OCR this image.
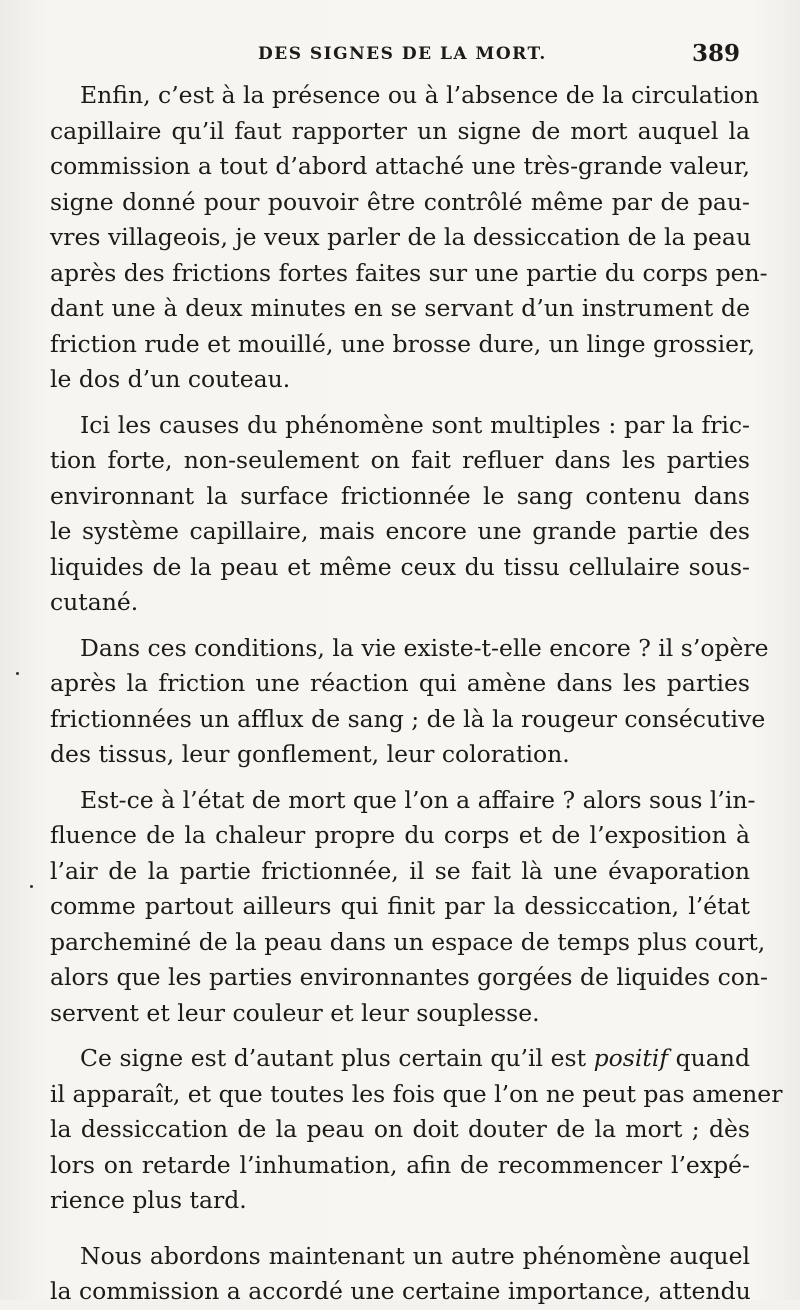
DES SIGNES DE LA MORT.	389
Enfin, c’est à la présence ou à l’absence de la circulation
capillaire qu’il faut rapporter un signe de mort auquel la
commission a tout d’abord attaché une très-grande valeur,
signe donné pour pouvoir être contrôlé même par de pau-
vres villageois, je veux parler de la dessiccation de la peau
après des frictions fortes faites sur une partie du corps pen-
dant une à deux minutes en se servant d’un instrument de
friction rude et mouillé, une brosse dure, un linge grossier,
le dos d’un couteau.
Ici les causes du phénomène sont multiples : par la fric-
tion forte, non-seulement on fait refluer dans les parties
environnant la surface frictionnée le sang contenu dans
le système capillaire, mais encore une grande partie des
liquides de la peau et même ceux du tissu cellulaire sous-
cutané.
Dans ces conditions, la vie existe-t-elle encore ? il s’opère
après la friction une réaction qui amène dans les parties
frictionnées un afflux de sang ; de là la rougeur consécutive
des tissus, leur gonflement, leur coloration.
Est-ce à l’état de mort que l’on a affaire ? alors sous l’in-
fluence de la chaleur propre du corps et de l’exposition à
l’air de la partie frictionnée, il se fait là une évaporation
comme partout ailleurs qui finit par la dessiccation, l’état
parcheminé de la peau dans un espace de temps plus court,
alors que les parties environnantes gorgées de liquides con-
servent et leur couleur et leur souplesse.
Ce signe est d’autant plus certain qu’il est positif quand
il apparaît, et que toutes les fois que l’on ne peut pas amener
la dessiccation de la peau on doit douter de la mort ; dès
lors on retarde l’inhumation, afin de recommencer l’expé-
rience plus tard.
Nous abordons maintenant un autre phénomène auquel
la commission a accordé une certaine importance, attendu
